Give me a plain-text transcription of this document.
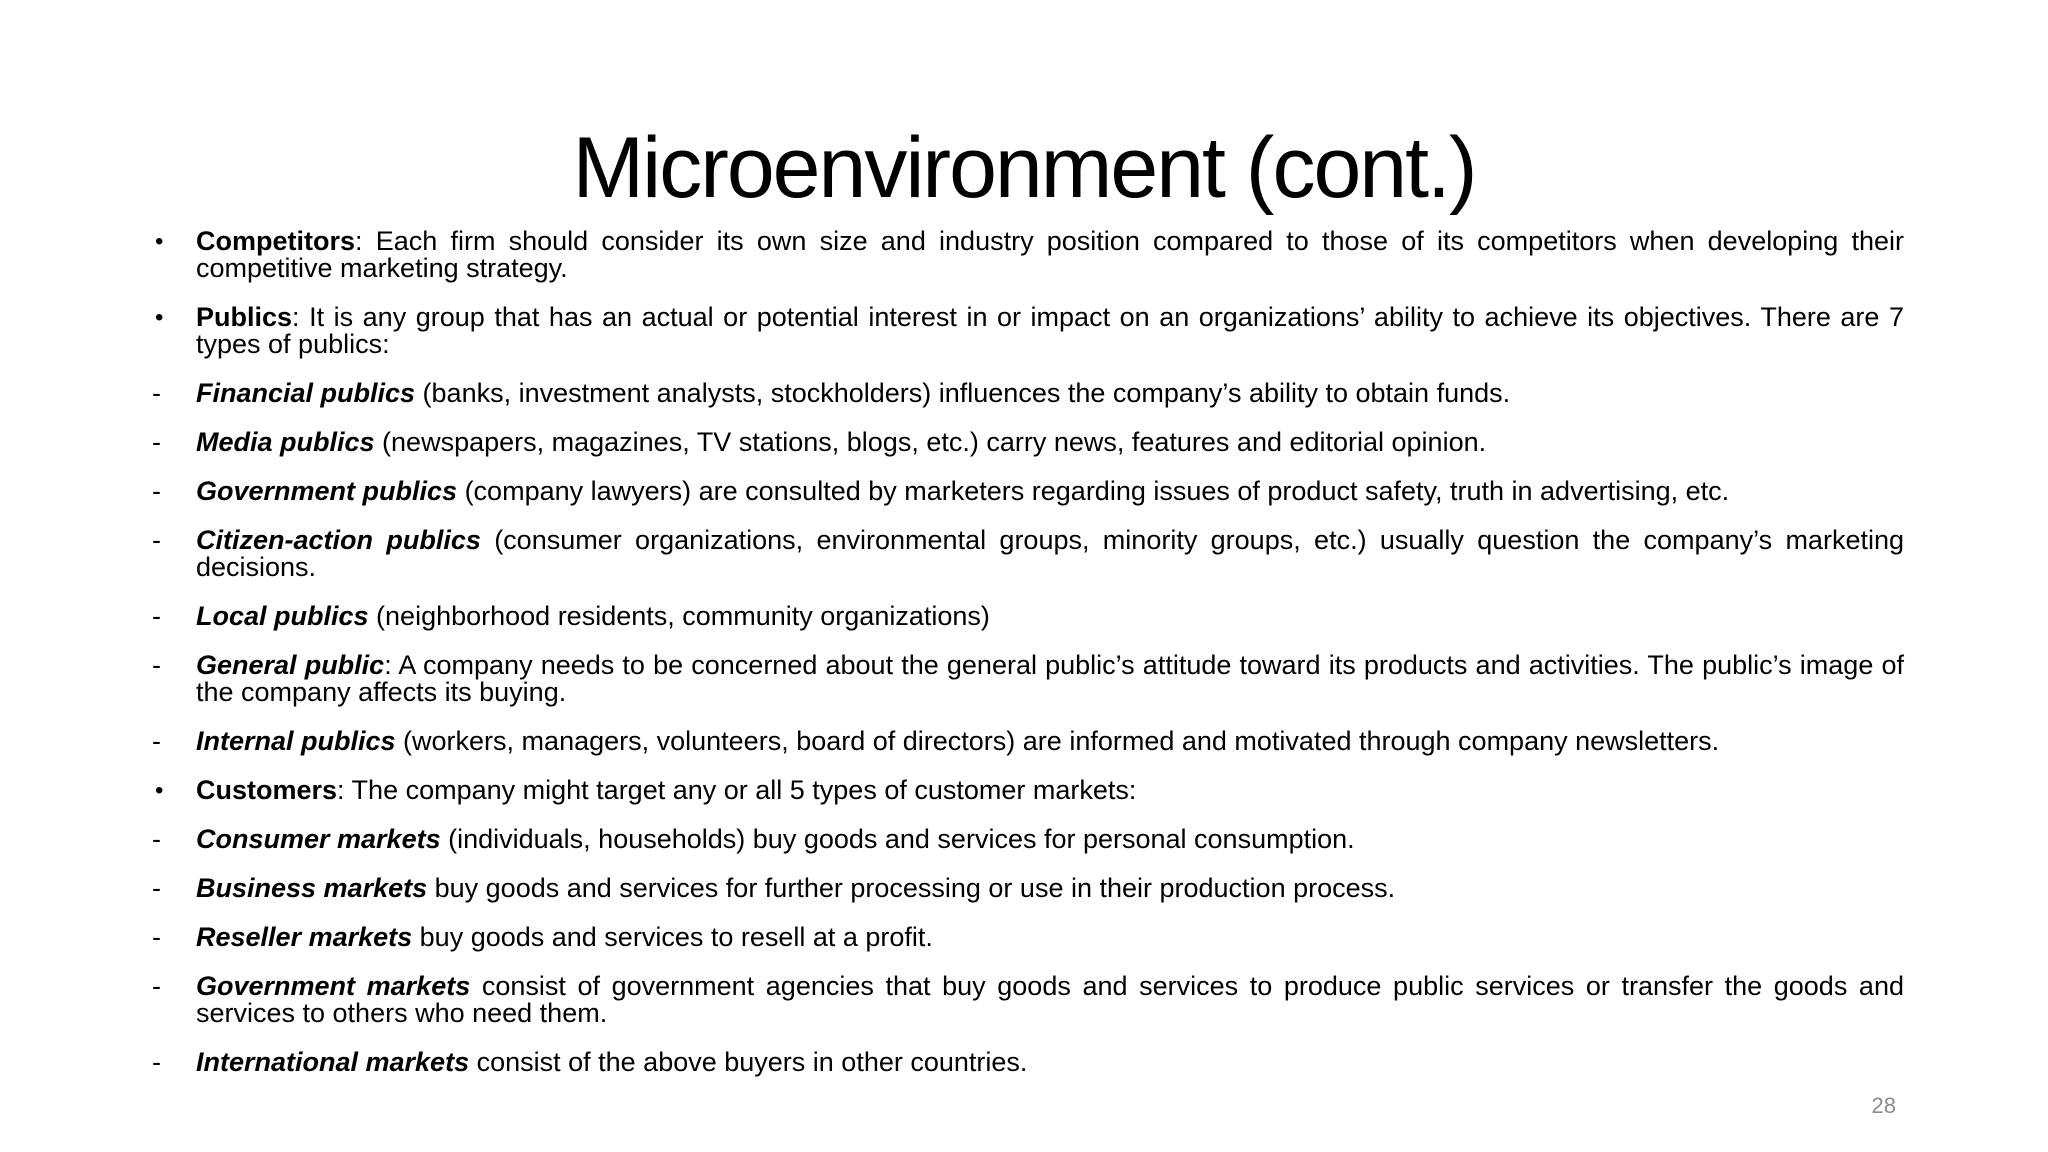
Microenvironment (cont.)
•	Competitors: Each firm should consider its own size and industry position compared to those of its competitors when developing their competitive marketing strategy.
•	Publics: It is any group that has an actual or potential interest in or impact on an organizations’ ability to achieve its objectives. There are 7 types of publics:
-	Financial publics (banks, investment analysts, stockholders) influences the company’s ability to obtain funds.
-	Media publics (newspapers, magazines, TV stations, blogs, etc.) carry news, features and editorial opinion.
-	Government publics (company lawyers) are consulted by marketers regarding issues of product safety, truth in advertising, etc.
-	Citizen-action publics (consumer organizations, environmental groups, minority groups, etc.) usually question the company’s marketing decisions.
-	Local publics (neighborhood residents, community organizations)
-	General public: A company needs to be concerned about the general public’s attitude toward its products and activities. The public’s image of the company affects its buying.
-	Internal publics (workers, managers, volunteers, board of directors) are informed and motivated through company newsletters.
•	Customers: The company might target any or all 5 types of customer markets:
-	Consumer markets (individuals, households) buy goods and services for personal consumption.
-	Business markets buy goods and services for further processing or use in their production process.
-	Reseller markets buy goods and services to resell at a profit.
-	Government markets consist of government agencies that buy goods and services to produce public services or transfer the goods and services to others who need them.
-	International markets consist of the above buyers in other countries.
28
